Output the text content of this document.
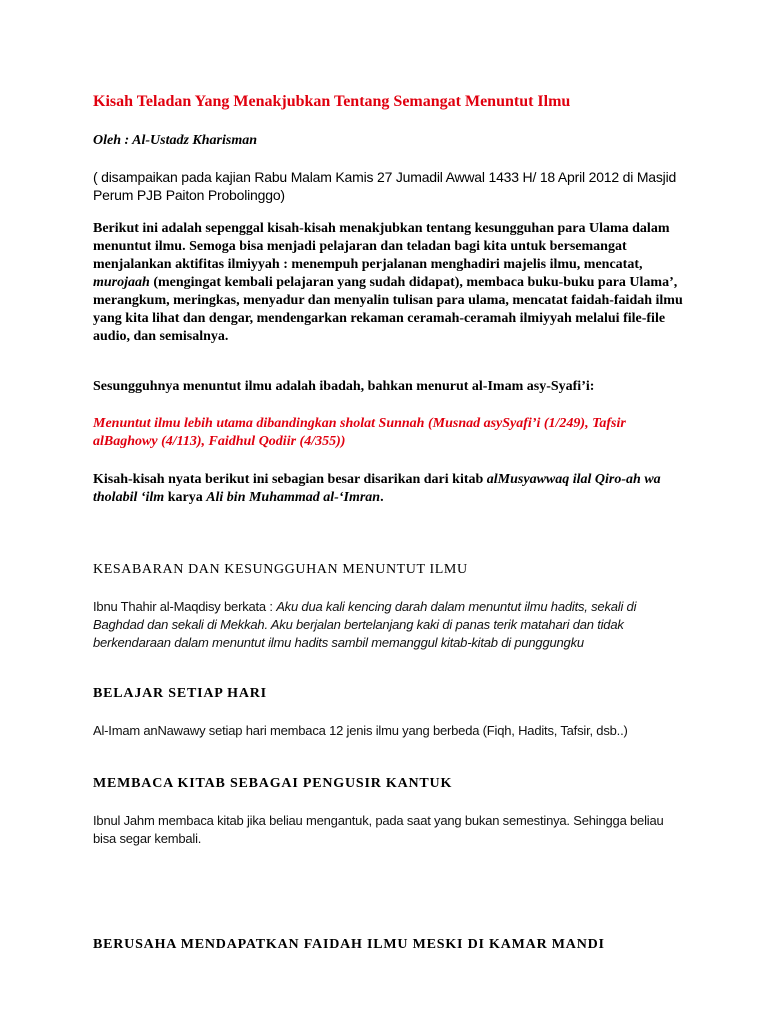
Kisah Teladan Yang Menakjubkan Tentang Semangat Menuntut Ilmu
Oleh : Al-Ustadz Kharisman
( disampaikan pada kajian Rabu Malam Kamis 27 Jumadil Awwal 1433 H/ 18 April 2012 di Masjid Perum PJB Paiton Probolinggo)
Berikut ini adalah sepenggal kisah-kisah menakjubkan tentang kesungguhan para Ulama dalam menuntut ilmu. Semoga bisa menjadi pelajaran dan teladan bagi kita untuk bersemangat menjalankan aktifitas ilmiyyah : menempuh perjalanan menghadiri majelis ilmu, mencatat, murojaah (mengingat kembali pelajaran yang sudah didapat), membaca buku-buku para Ulama’, merangkum, meringkas, menyadur dan menyalin tulisan para ulama, mencatat faidah-faidah ilmu yang kita lihat dan dengar, mendengarkan rekaman ceramah-ceramah ilmiyyah melalui file-file audio, dan semisalnya.
Sesungguhnya menuntut ilmu adalah ibadah, bahkan menurut al-Imam asy-Syafi’i:
Menuntut ilmu lebih utama dibandingkan sholat Sunnah (Musnad asySyafi’i (1/249), Tafsir alBaghowy (4/113), Faidhul Qodiir (4/355))
Kisah-kisah nyata berikut ini sebagian besar disarikan dari kitab alMusyawwaq ilal Qiro-ah wa tholabil ‘ilm karya Ali bin Muhammad al-‘Imran.
KESABARAN DAN KESUNGGUHAN MENUNTUT ILMU
Ibnu Thahir al-Maqdisy berkata : Aku dua kali kencing darah dalam menuntut ilmu hadits, sekali di Baghdad dan sekali di Mekkah. Aku berjalan bertelanjang kaki di panas terik matahari dan tidak berkendaraan dalam menuntut ilmu hadits sambil memanggul kitab-kitab di punggungku
BELAJAR SETIAP HARI
Al-Imam anNawawy setiap hari membaca 12 jenis ilmu yang berbeda (Fiqh, Hadits, Tafsir, dsb..)
MEMBACA KITAB SEBAGAI PENGUSIR KANTUK
Ibnul Jahm membaca kitab jika beliau mengantuk, pada saat yang bukan semestinya. Sehingga beliau bisa segar kembali.
BERUSAHA MENDAPATKAN FAIDAH ILMU MESKI DI KAMAR MANDI
